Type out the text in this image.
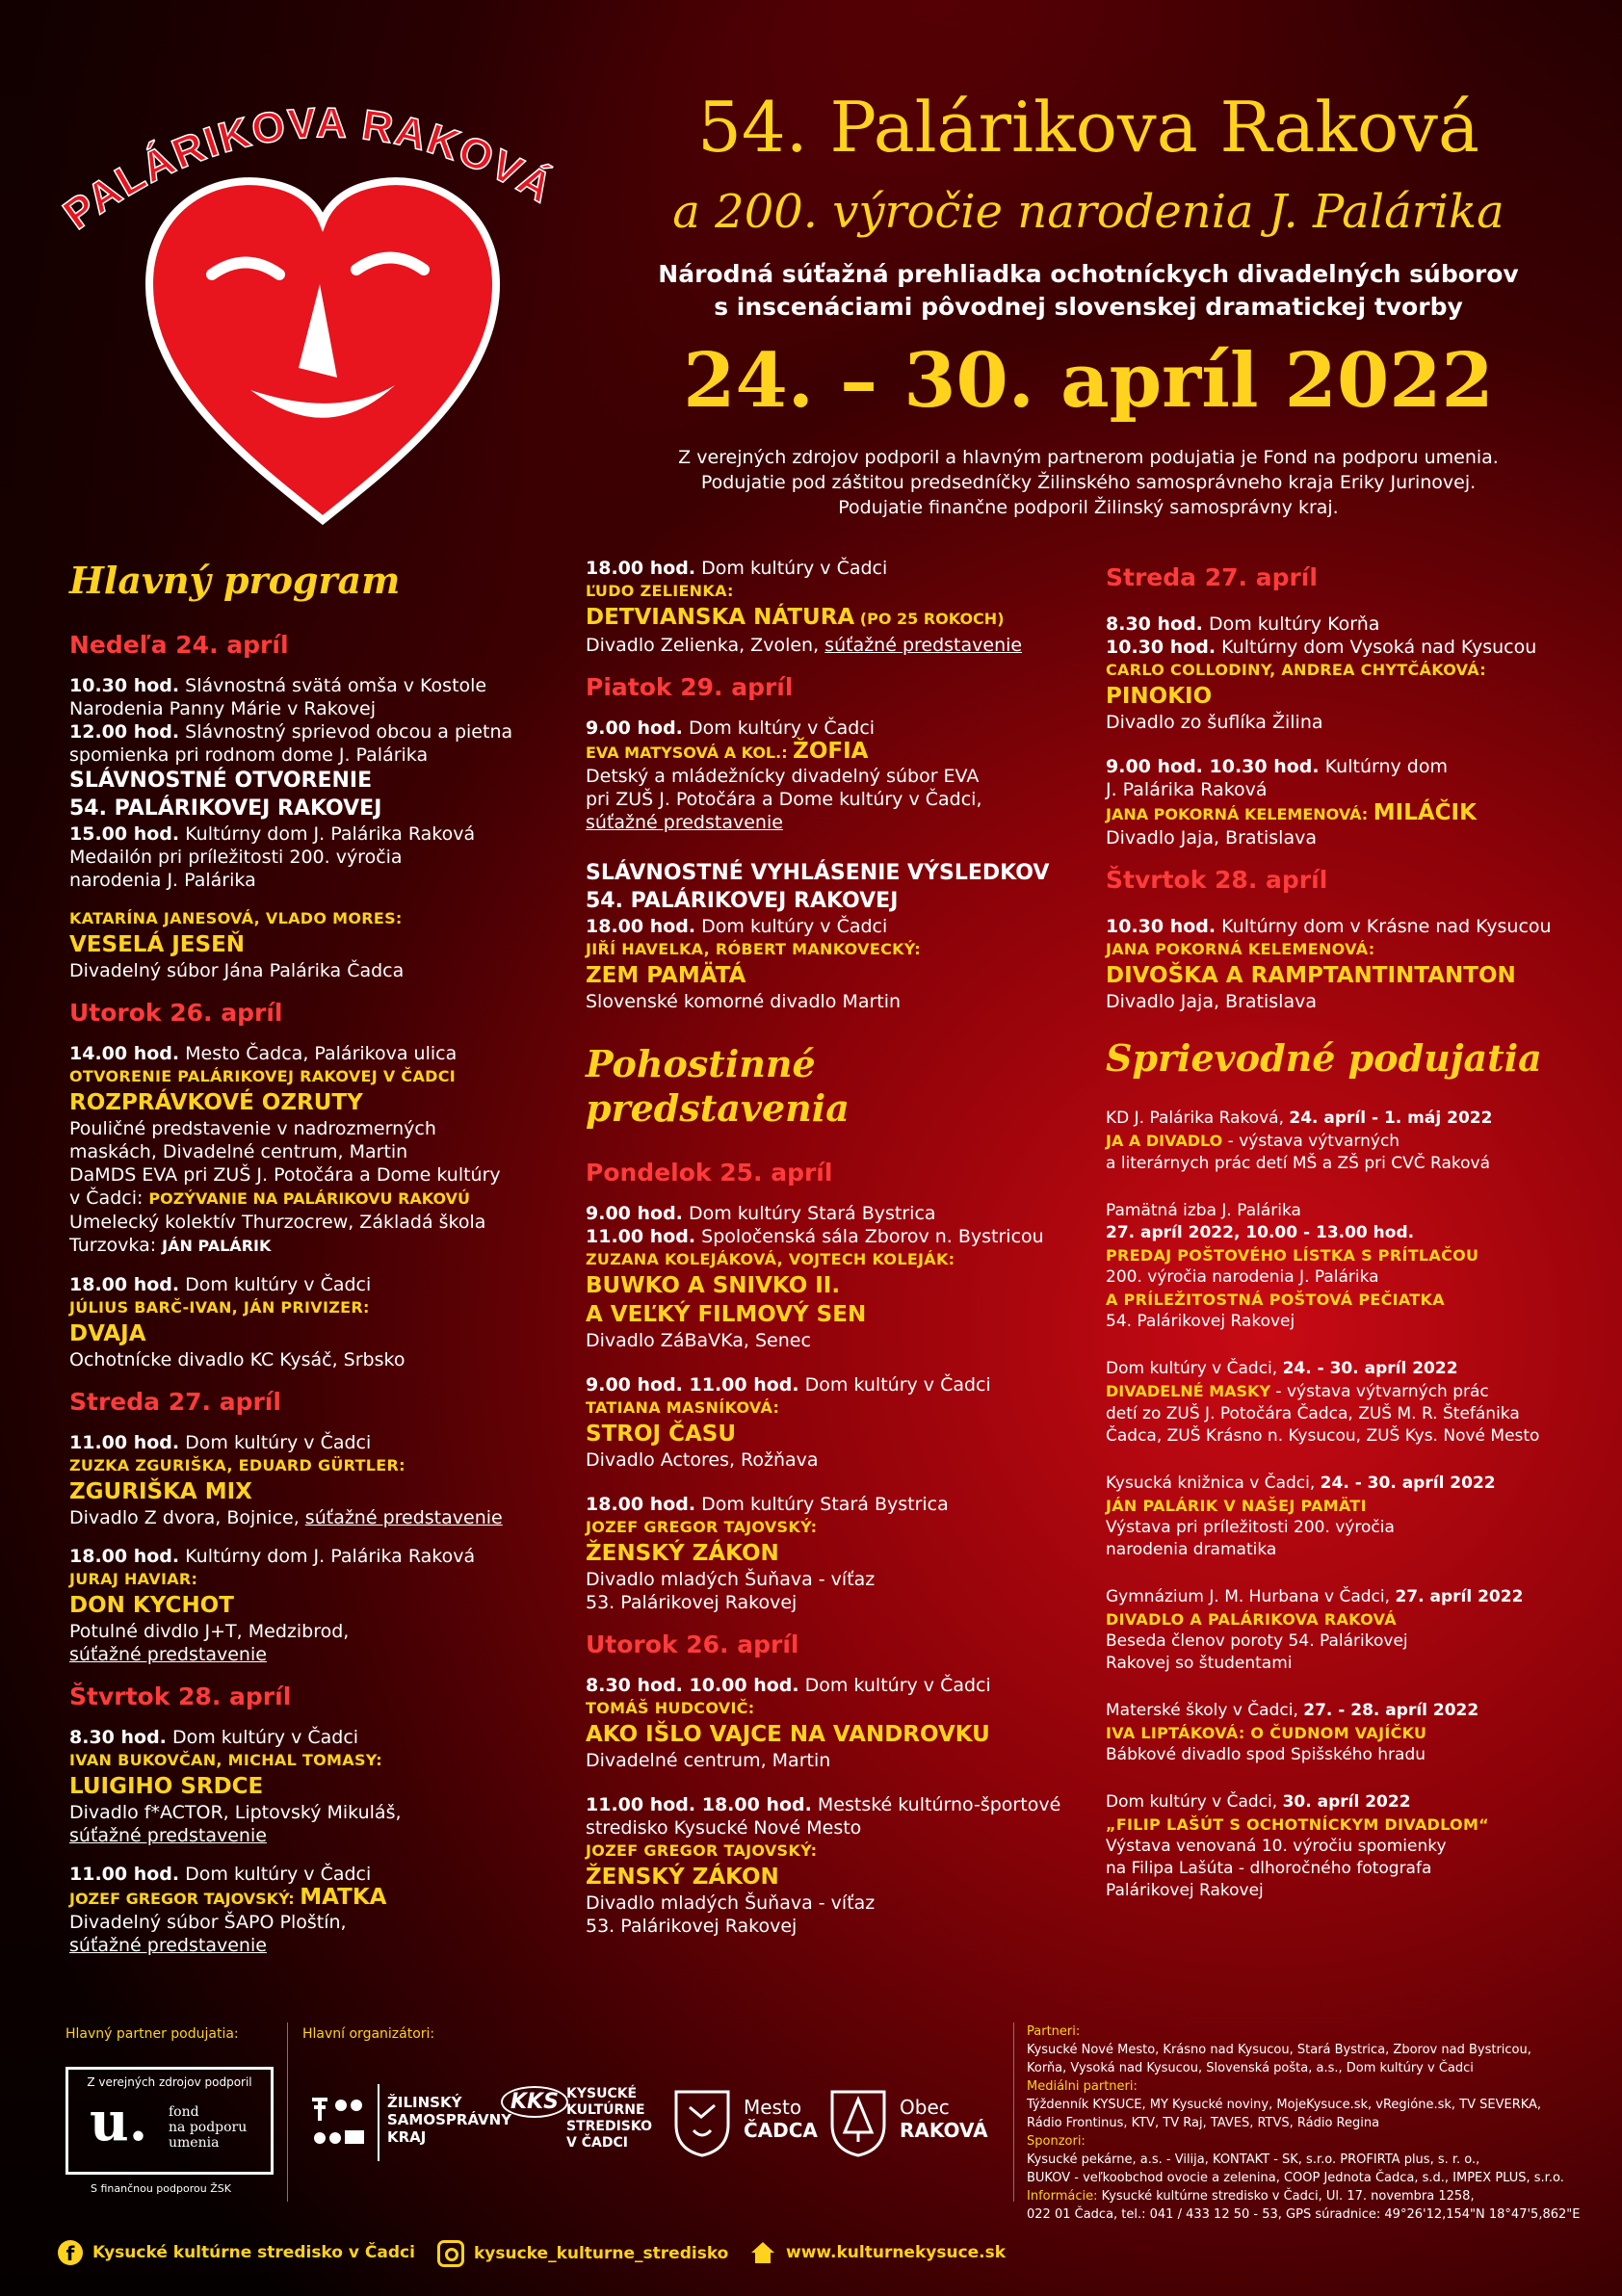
PALÁRIKOVA RAKOVÁ
54. Palárikova Raková
a 200. výročie narodenia J. Palárika
Národná súťažná prehliadka ochotníckych divadelných súborov
s inscenáciami pôvodnej slovenskej dramatickej tvorby
24. – 30. apríl 2022
Z verejných zdrojov podporil a hlavným partnerom podujatia je Fond na podporu umenia.
Podujatie pod záštitou predsedníčky Žilinského samosprávneho kraja Eriky Jurinovej.
Podujatie finančne podporil Žilinský samosprávny kraj.
Hlavný program
Nedeľa 24. apríl
10.30 hod. Slávnostná svätá omša v Kostole
Narodenia Panny Márie v Rakovej
12.00 hod. Slávnostný sprievod obcou a pietna
spomienka pri rodnom dome J. Palárika
SLÁVNOSTNÉ OTVORENIE
54. PALÁRIKOVEJ RAKOVEJ
15.00 hod. Kultúrny dom J. Palárika Raková
Medailón pri príležitosti 200. výročia
narodenia J. Palárika
KATARÍNA JANESOVÁ, VLADO MORES:
VESELÁ JESEŇ
Divadelný súbor Jána Palárika Čadca
Utorok 26. apríl
14.00 hod. Mesto Čadca, Palárikova ulica
OTVORENIE PALÁRIKOVEJ RAKOVEJ V ČADCI
ROZPRÁVKOVÉ OZRUTY
Pouličné predstavenie v nadrozmerných
maskách, Divadelné centrum, Martin
DaMDS EVA pri ZUŠ J. Potočára a Dome kultúry
v Čadci: POZÝVANIE NA PALÁRIKOVU RAKOVÚ
Umelecký kolektív Thurzocrew, Základá škola
Turzovka: JÁN PALÁRIK
18.00 hod. Dom kultúry v Čadci
JÚLIUS BARČ-IVAN, JÁN PRIVIZER:
DVAJA
Ochotnícke divadlo KC Kysáč, Srbsko
Streda 27. apríl
11.00 hod. Dom kultúry v Čadci
ZUZKA ZGURIŠKA, EDUARD GÜRTLER:
ZGURIŠKA MIX
Divadlo Z dvora, Bojnice, súťažné predstavenie
18.00 hod. Kultúrny dom J. Palárika Raková
JURAJ HAVIAR:
DON KYCHOT
Potulné divdlo J+T, Medzibrod,
súťažné predstavenie
Štvrtok 28. apríl
8.30 hod. Dom kultúry v Čadci
IVAN BUKOVČAN, MICHAL TOMASY:
LUIGIHO SRDCE
Divadlo f*ACTOR, Liptovský Mikuláš,
súťažné predstavenie
11.00 hod. Dom kultúry v Čadci
JOZEF GREGOR TAJOVSKÝ: MATKA
Divadelný súbor ŠAPO Ploštín,
súťažné predstavenie
18.00 hod. Dom kultúry v Čadci
ĽUDO ZELIENKA:
DETVIANSKA NÁTURA (PO 25 ROKOCH)
Divadlo Zelienka, Zvolen, súťažné predstavenie
Piatok 29. apríl
9.00 hod. Dom kultúry v Čadci
EVA MATYSOVÁ A KOL.: ŽOFIA
Detský a mládežnícky divadelný súbor EVA
pri ZUŠ J. Potočára a Dome kultúry v Čadci,
súťažné predstavenie
SLÁVNOSTNÉ VYHLÁSENIE VÝSLEDKOV
54. PALÁRIKOVEJ RAKOVEJ
18.00 hod. Dom kultúry v Čadci
JIŘÍ HAVELKA, RÓBERT MANKOVECKÝ:
ZEM PAMÄTÁ
Slovenské komorné divadlo Martin
Pohostinné predstavenia
Pondelok 25. apríl
9.00 hod. Dom kultúry Stará Bystrica
11.00 hod. Spoločenská sála Zborov n. Bystricou
ZUZANA KOLEJÁKOVÁ, VOJTECH KOLEJÁK:
BUWKO A SNIVKO II.
A VEĽKÝ FILMOVÝ SEN
Divadlo ZáBaVKa, Senec
9.00 hod. 11.00 hod. Dom kultúry v Čadci
TATIANA MASNÍKOVÁ:
STROJ ČASU
Divadlo Actores, Rožňava
18.00 hod. Dom kultúry Stará Bystrica
JOZEF GREGOR TAJOVSKÝ:
ŽENSKÝ ZÁKON
Divadlo mladých Šuňava - víťaz
53. Palárikovej Rakovej
Utorok 26. apríl
8.30 hod. 10.00 hod. Dom kultúry v Čadci
TOMÁŠ HUDCOVIČ:
AKO IŠLO VAJCE NA VANDROVKU
Divadelné centrum, Martin
11.00 hod. 18.00 hod. Mestské kultúrno-športové
stredisko Kysucké Nové Mesto
JOZEF GREGOR TAJOVSKÝ:
ŽENSKÝ ZÁKON
Divadlo mladých Šuňava - víťaz
53. Palárikovej Rakovej
Streda 27. apríl
8.30 hod. Dom kultúry Korňa
10.30 hod. Kultúrny dom Vysoká nad Kysucou
CARLO COLLODINY, ANDREA CHYTČÁKOVÁ:
PINOKIO
Divadlo zo šuflíka Žilina
9.00 hod. 10.30 hod. Kultúrny dom
J. Palárika Raková
JANA POKORNÁ KELEMENOVÁ: MILÁČIK
Divadlo Jaja, Bratislava
Štvrtok 28. apríl
10.30 hod. Kultúrny dom v Krásne nad Kysucou
JANA POKORNÁ KELEMENOVÁ:
DIVOŠKA A RAMPTANTINTANTON
Divadlo Jaja, Bratislava
Sprievodné podujatia
KD J. Palárika Raková, 24. apríl - 1. máj 2022
JA A DIVADLO - výstava výtvarných
a literárnych prác detí MŠ a ZŠ pri CVČ Raková
Pamätná izba J. Palárika
27. apríl 2022, 10.00 - 13.00 hod.
PREDAJ POŠTOVÉHO LÍSTKA S PRÍTLAČOU
200. výročia narodenia J. Palárika
A PRÍLEŽITOSTNÁ POŠTOVÁ PEČIATKA
54. Palárikovej Rakovej
Dom kultúry v Čadci, 24. - 30. apríl 2022
DIVADELNÉ MASKY - výstava výtvarných prác
detí zo ZUŠ J. Potočára Čadca, ZUŠ M. R. Štefánika
Čadca, ZUŠ Krásno n. Kysucou, ZUŠ Kys. Nové Mesto
Kysucká knižnica v Čadci, 24. - 30. apríl 2022
JÁN PALÁRIK V NAŠEJ PAMÄTI
Výstava pri príležitosti 200. výročia
narodenia dramatika
Gymnázium J. M. Hurbana v Čadci, 27. apríl 2022
DIVADLO A PALÁRIKOVA RAKOVÁ
Beseda členov poroty 54. Palárikovej
Rakovej so študentami
Materské školy v Čadci, 27. - 28. apríl 2022
IVA LIPTÁKOVÁ: O ČUDNOM VAJÍČKU
Bábkové divadlo spod Spišského hradu
Dom kultúry v Čadci, 30. apríl 2022
„FILIP LAŠÚT S OCHOTNÍCKYM DIVADLOM“
Výstava venovaná 10. výročiu spomienky
na Filipa Lašúta - dlhoročného fotografa
Palárikovej Rakovej
Hlavný partner podujatia:
Z verejných zdrojov podporil
u. fond
na podporu
umenia
S finančnou podporou ŽSK
Hlavní organizátori:
ŽILINSKÝ
SAMOSPRÁVNY
KRAJ
KKS KYSUCKÉ
KULTÚRNE
STREDISKO
V ČADCI
Mesto
ČADCA
Obec
RAKOVÁ
Partneri:
Kysucké Nové Mesto, Krásno nad Kysucou, Stará Bystrica, Zborov nad Bystricou,
Korňa, Vysoká nad Kysucou, Slovenská pošta, a.s., Dom kultúry v Čadci
Mediálni partneri:
Týždenník KYSUCE, MY Kysucké noviny, MojeKysuce.sk, vRegióne.sk, TV SEVERKA,
Rádio Frontinus, KTV, TV Raj, TAVES, RTVS, Rádio Regina
Sponzori:
Kysucké pekárne, a.s. - Vilija, KONTAKT - SK, s.r.o. PROFIRTA plus, s. r. o.,
BUKOV - veľkoobchod ovocie a zelenina, COOP Jednota Čadca, s.d., IMPEX PLUS, s.r.o.
Informácie: Kysucké kultúrne stredisko v Čadci, Ul. 17. novembra 1258,
022 01 Čadca, tel.: 041 / 433 12 50 - 53, GPS súradnice: 49°26'12,154"N 18°47'5,862"E
f	Kysucké kultúrne stredisko v Čadci	kysucke_kulturne_stredisko	www.kulturnekysuce.sk
